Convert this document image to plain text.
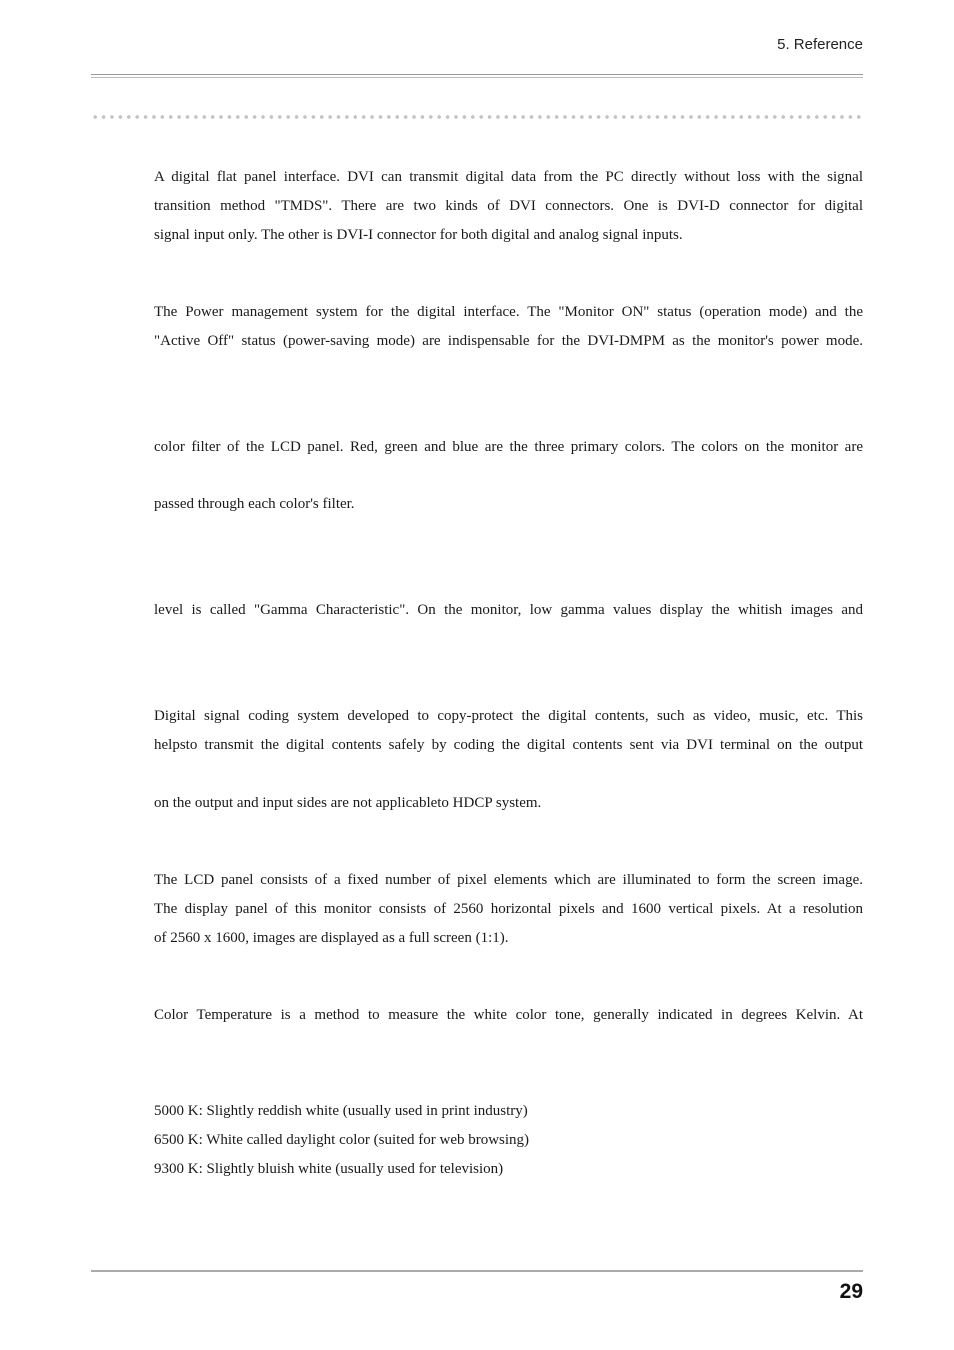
5. Reference
A digital flat panel interface. DVI can transmit digital data from the PC directly without loss with the signal
transition method "TMDS". There are two kinds of DVI connectors. One is DVI-D connector for digital
signal input only. The other is DVI-I connector for both digital and analog signal inputs.
The Power management system for the digital interface. The "Monitor ON" status (operation mode) and the
"Active Off" status (power-saving mode) are indispensable for the DVI-DMPM as the monitor's power mode.
color filter of the LCD panel. Red, green and blue are the three primary colors. The colors on the monitor are
passed through each color's filter.
level is called "Gamma Characteristic". On the monitor, low gamma values display the whitish images and
Digital signal coding system developed to copy-protect the digital contents, such as video, music, etc. This
helpsto transmit the digital contents safely by coding the digital contents sent via DVI terminal on the output
on the output and input sides are not applicableto HDCP system.
The LCD panel consists of a fixed number of pixel elements which are illuminated to form the screen image.
The display panel of this monitor consists of 2560 horizontal pixels and 1600 vertical pixels. At a resolution
of 2560 x 1600, images are displayed as a full screen (1:1).
Color Temperature is a method to measure the white color tone, generally indicated in degrees Kelvin. At
5000 K: Slightly reddish white (usually used in print industry)
6500 K: White called daylight color (suited for web browsing)
9300 K: Slightly bluish white (usually used for television)
29
